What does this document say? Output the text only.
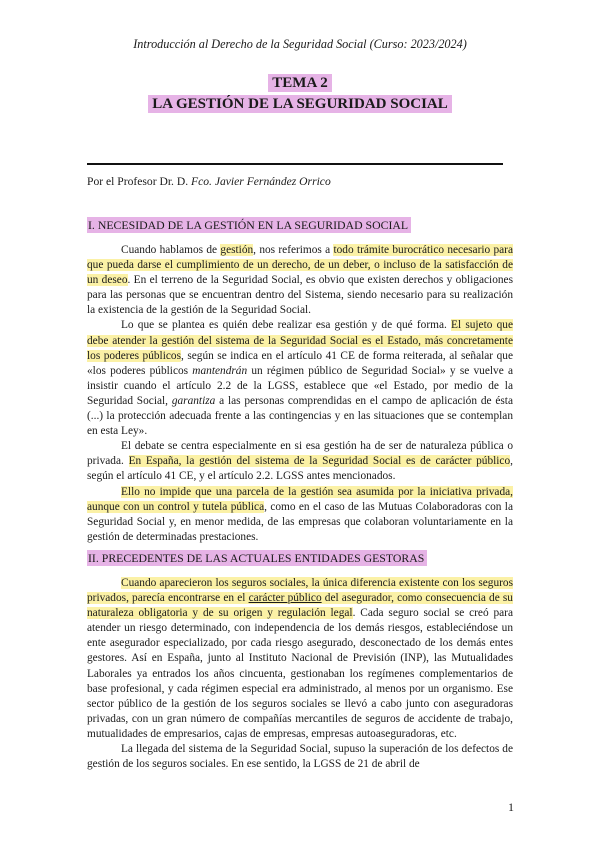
Introducción al Derecho de la Seguridad Social (Curso: 2023/2024)
TEMA 2
LA GESTIÓN DE LA SEGURIDAD SOCIAL
Por el Profesor Dr. D. Fco. Javier Fernández Orrico
I. NECESIDAD DE LA GESTIÓN EN LA SEGURIDAD SOCIAL

Cuando hablamos de gestión, nos referimos a todo trámite burocrático necesario para que pueda darse el cumplimiento de un derecho, de un deber, o incluso de la satisfacción de un deseo. En el terreno de la Seguridad Social, es obvio que existen derechos y obligaciones para las personas que se encuentran dentro del Sistema, siendo necesario para su realización la existencia de la gestión de la Seguridad Social.

Lo que se plantea es quién debe realizar esa gestión y de qué forma. El sujeto que debe atender la gestión del sistema de la Seguridad Social es el Estado, más concretamente los poderes públicos, según se indica en el artículo 41 CE de forma reiterada, al señalar que «los poderes públicos mantendrán un régimen público de Seguridad Social» y se vuelve a insistir cuando el artículo 2.2 de la LGSS, establece que «el Estado, por medio de la Seguridad Social, garantiza a las personas comprendidas en el campo de aplicación de ésta (...) la protección adecuada frente a las contingencias y en las situaciones que se contemplan en esta Ley».

El debate se centra especialmente en si esa gestión ha de ser de naturaleza pública o privada. En España, la gestión del sistema de la Seguridad Social es de carácter público, según el artículo 41 CE, y el artículo 2.2. LGSS antes mencionados.

Ello no impide que una parcela de la gestión sea asumida por la iniciativa privada, aunque con un control y tutela pública, como en el caso de las Mutuas Colaboradoras con la Seguridad Social y, en menor medida, de las empresas que colaboran voluntariamente en la gestión de determinadas prestaciones.

II. PRECEDENTES DE LAS ACTUALES ENTIDADES GESTORAS

Cuando aparecieron los seguros sociales, la única diferencia existente con los seguros privados, parecía encontrarse en el carácter público del asegurador, como consecuencia de su naturaleza obligatoria y de su origen y regulación legal. Cada seguro social se creó para atender un riesgo determinado, con independencia de los demás riesgos, estableciéndose un ente asegurador especializado, por cada riesgo asegurado, desconectado de los demás entes gestores. Así en España, junto al Instituto Nacional de Previsión (INP), las Mutualidades Laborales ya entrados los años cincuenta, gestionaban los regímenes complementarios de base profesional, y cada régimen especial era administrado, al menos por un organismo. Ese sector público de la gestión de los seguros sociales se llevó a cabo junto con aseguradoras privadas, con un gran número de compañías mercantiles de seguros de accidente de trabajo, mutualidades de empresarios, cajas de empresas, empresas autoaseguradoras, etc.

La llegada del sistema de la Seguridad Social, supuso la superación de los defectos de gestión de los seguros sociales. En ese sentido, la LGSS de 21 de abril de

1
